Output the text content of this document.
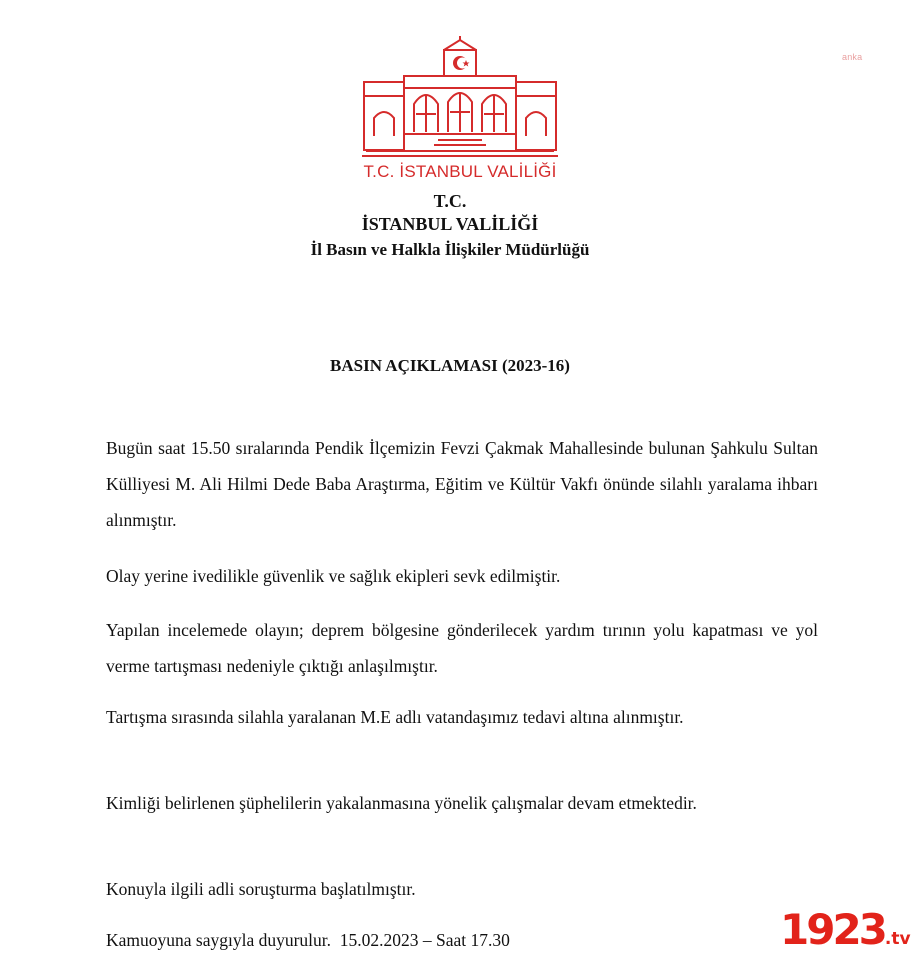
anka
T.C. İSTANBUL VALİLİĞİ
T.C.
İSTANBUL VALİLİĞİ
İl Basın ve Halkla İlişkiler Müdürlüğü
BASIN AÇIKLAMASI (2023-16)
Bugün saat 15.50 sıralarında Pendik İlçemizin Fevzi Çakmak Mahallesinde bulunan Şahkulu Sultan Külliyesi M. Ali Hilmi Dede Baba Araştırma, Eğitim ve Kültür Vakfı önünde silahlı yaralama ihbarı alınmıştır.
Olay yerine ivedilikle güvenlik ve sağlık ekipleri sevk edilmiştir.
Yapılan incelemede olayın; deprem bölgesine gönderilecek yardım tırının yolu kapatması ve yol verme tartışması nedeniyle çıktığı anlaşılmıştır.
Tartışma sırasında silahla yaralanan M.E adlı vatandaşımız tedavi altına alınmıştır.
Kimliği belirlenen şüphelilerin yakalanmasına yönelik çalışmalar devam etmektedir.
Konuyla ilgili adli soruşturma başlatılmıştır.
Kamuoyuna saygıyla duyurulur.  15.02.2023 – Saat 17.30	1923.tv
